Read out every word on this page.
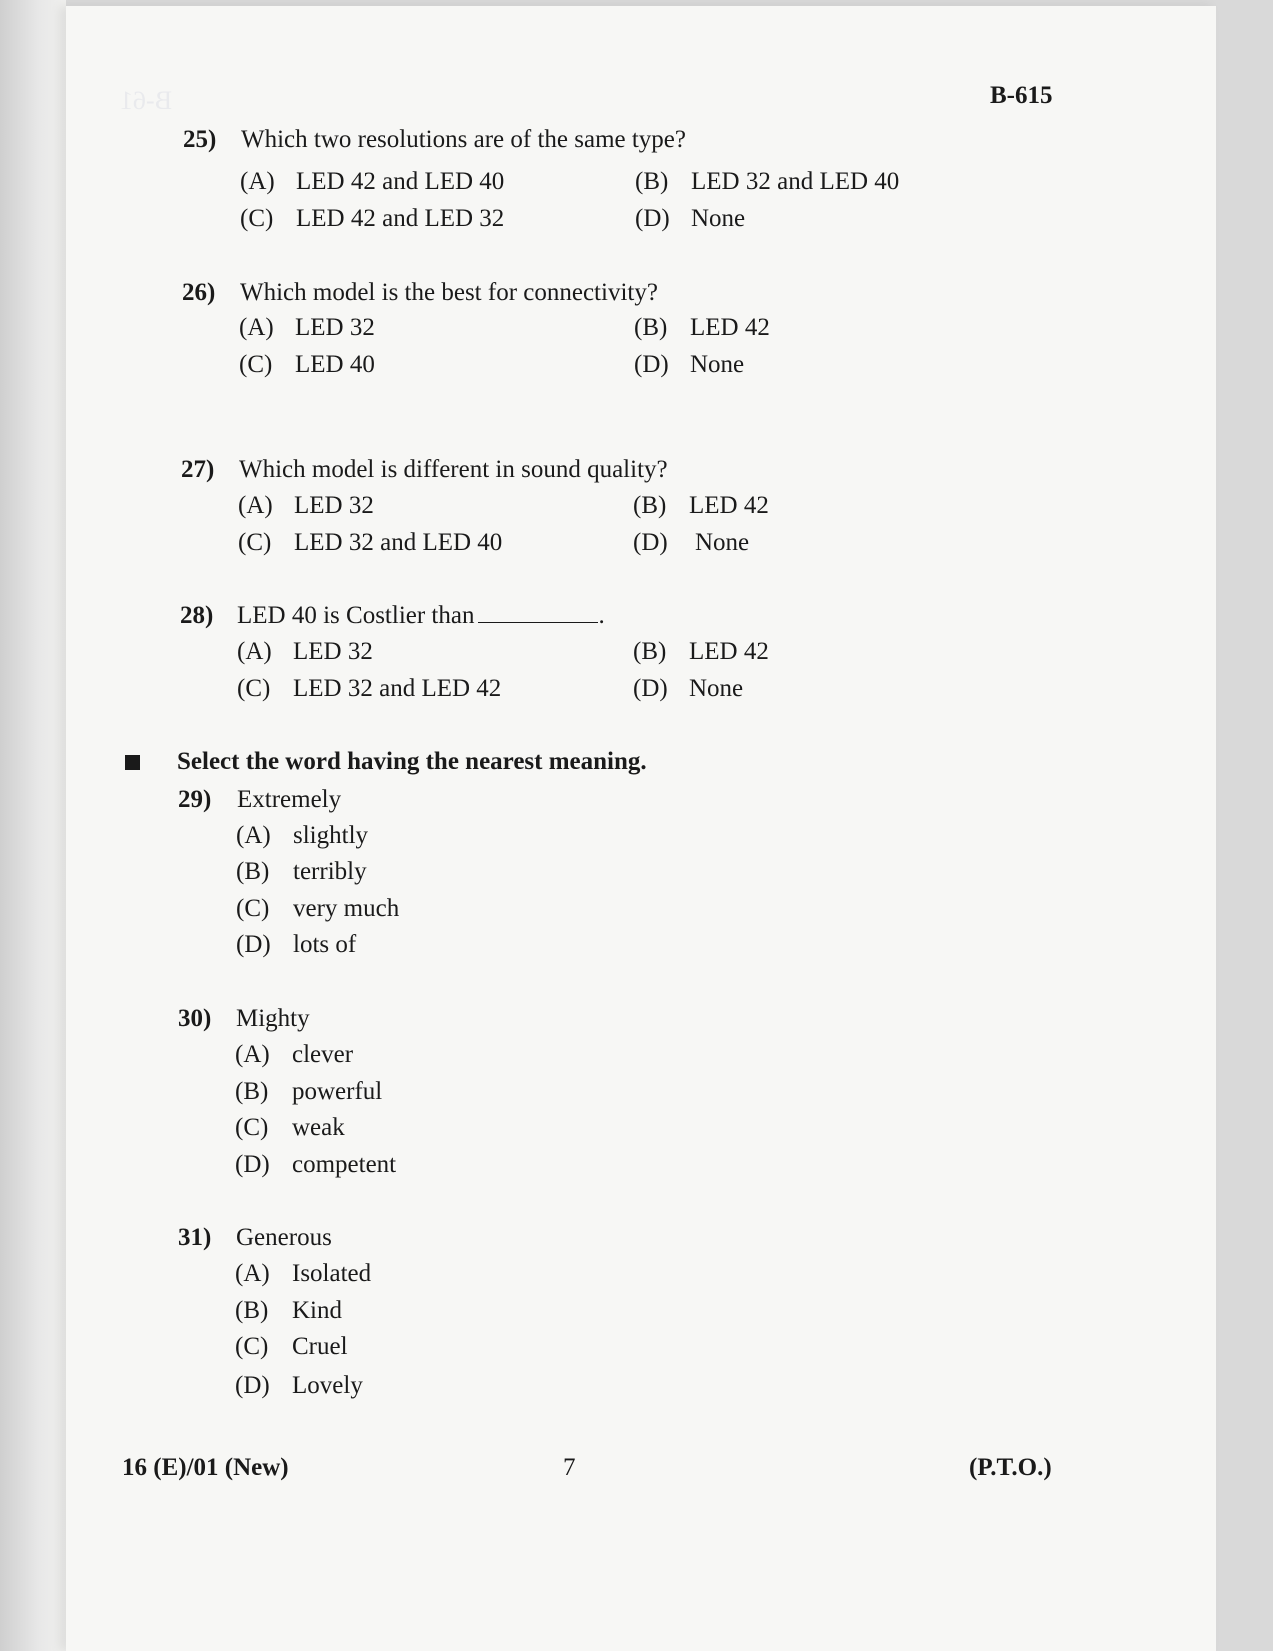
B-61	B-615
25) Which two resolutions are of the same type?
(A) LED 42 and LED 40	(B) LED 32 and LED 40
(C) LED 42 and LED 32	(D) None
26) Which model is the best for connectivity?
(A) LED 32	(B) LED 42
(C) LED 40	(D) None
27) Which model is different in sound quality?
(A) LED 32	(B) LED 42
(C) LED 32 and LED 40	(D) None
28) LED 40 is Costlier than	.
(A) LED 32	(B) LED 42
(C) LED 32 and LED 42	(D) None
Select the word having the nearest meaning.
29) Extremely
(A) slightly
(B) terribly
(C) very much
(D) lots of
30) Mighty
(A) clever
(B) powerful
(C) weak
(D) competent
31) Generous
(A) Isolated
(B) Kind
(C) Cruel
(D) Lovely
16 (E)/01 (New)	7	(P.T.O.)
